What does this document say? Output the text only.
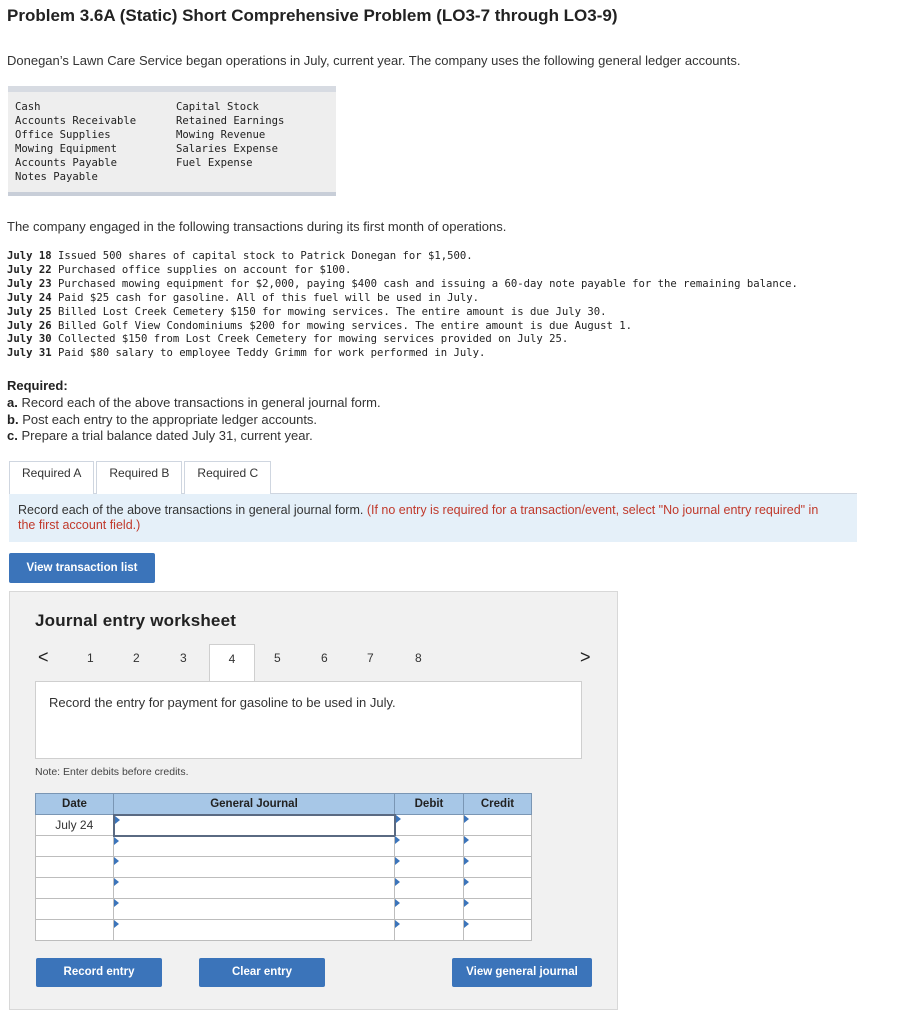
Problem 3.6A (Static) Short Comprehensive Problem (LO3-7 through LO3-9)
Donegan’s Lawn Care Service began operations in July, current year. The company uses the following general ledger accounts.
Cash
Accounts Receivable
Office Supplies
Mowing Equipment
Accounts Payable
Notes Payable
Capital Stock
Retained Earnings
Mowing Revenue
Salaries Expense
Fuel Expense
The company engaged in the following transactions during its first month of operations.
July 18 Issued 500 shares of capital stock to Patrick Donegan for $1,500.
July 22 Purchased office supplies on account for $100.
July 23 Purchased mowing equipment for $2,000, paying $400 cash and issuing a 60-day note payable for the remaining balance.
July 24 Paid $25 cash for gasoline. All of this fuel will be used in July.
July 25 Billed Lost Creek Cemetery $150 for mowing services. The entire amount is due July 30.
July 26 Billed Golf View Condominiums $200 for mowing services. The entire amount is due August 1.
July 30 Collected $150 from Lost Creek Cemetery for mowing services provided on July 25.
July 31 Paid $80 salary to employee Teddy Grimm for work performed in July.
Required:
a. Record each of the above transactions in general journal form.
b. Post each entry to the appropriate ledger accounts.
c. Prepare a trial balance dated July 31, current year.
Required A	Required B	Required C
Record each of the above transactions in general journal form. (If no entry is required for a transaction/event, select "No journal entry required" in the first account field.)
View transaction list
Journal entry worksheet
<	1	2	3	4	5	6	7	8	>
Record the entry for payment for gasoline to be used in July.
Note: Enter debits before credits.
Date	General Journal	Debit	Credit
July 24			

Record entry	Clear entry	View general journal
